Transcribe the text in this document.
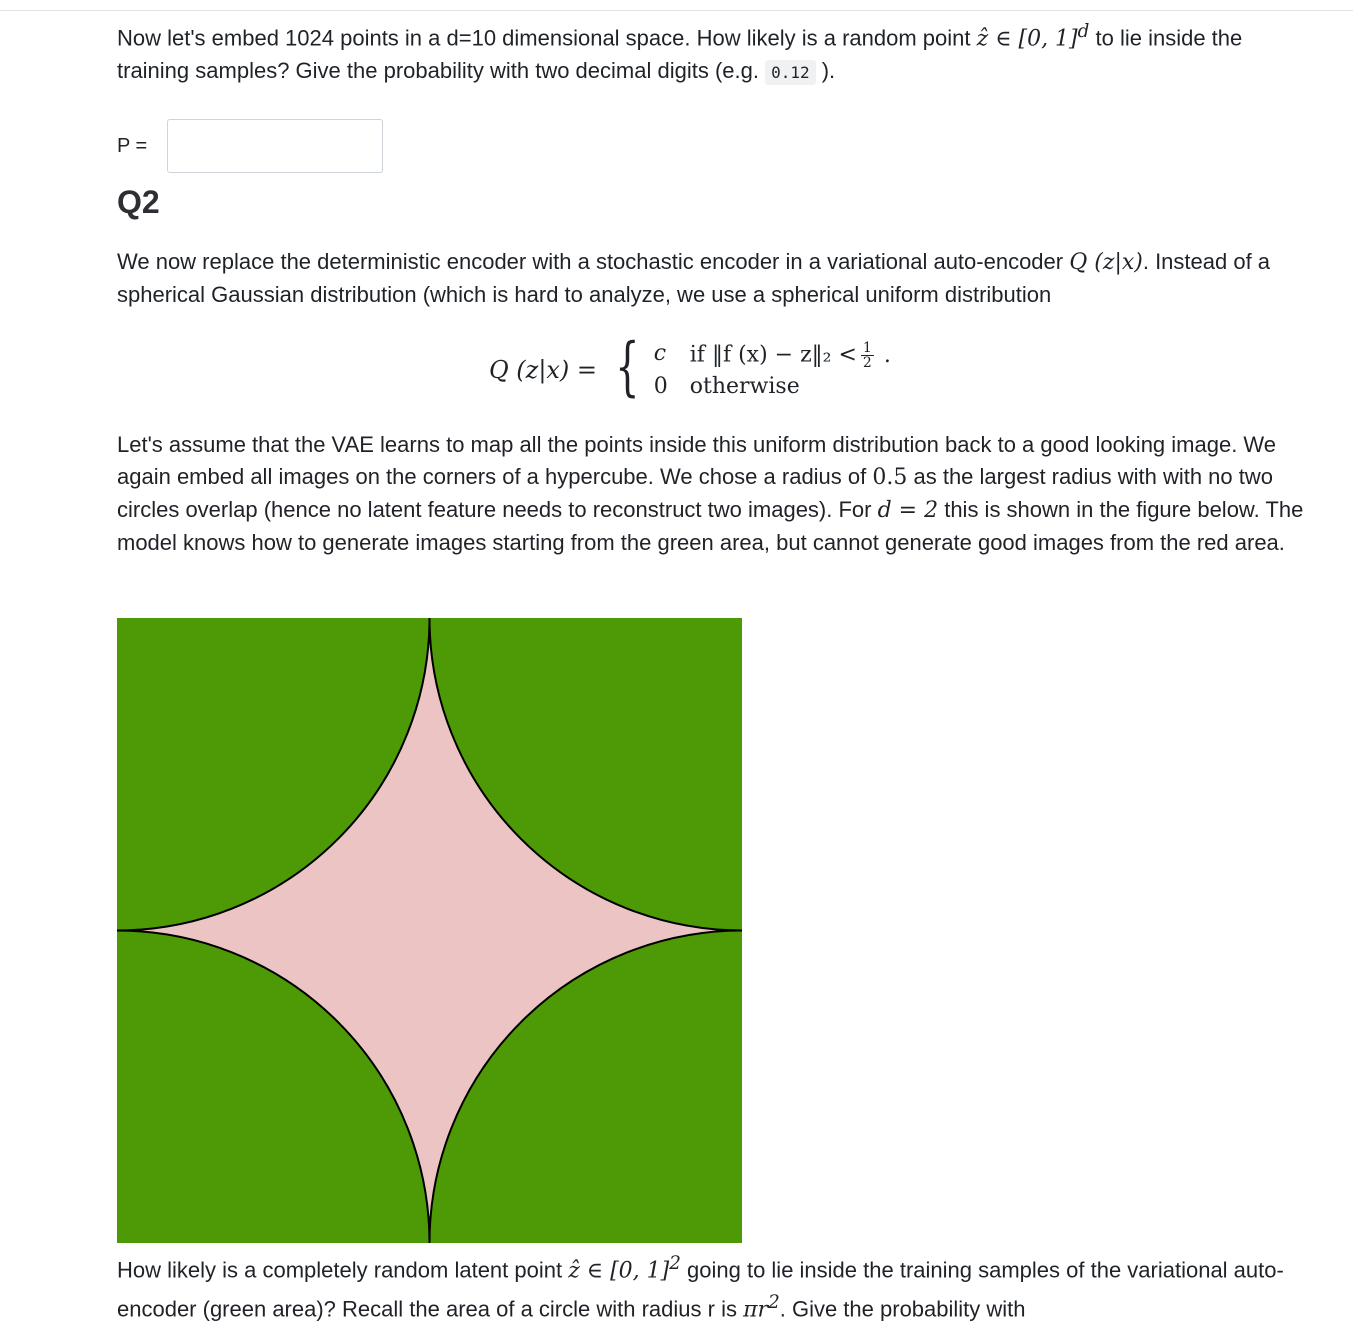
Now let's embed 1024 points in a d=10 dimensional space. How likely is a random point ẑ ∈ [0, 1]$^d$ to lie inside the training samples? Give the probability with two decimal digits (e.g. 0.12 ).

P =
Q2

We now replace the deterministic encoder with a stochastic encoder in a variational auto-encoder Q (z|x). Instead of a spherical Gaussian distribution (which is hard to analyze, we use a spherical uniform distribution

Q (z|x) = { c	if ‖f (x) − z‖₂ < $\frac{1}{2}$ .
0	otherwise

Let's assume that the VAE learns to map all the points inside this uniform distribution back to a good looking image. We again embed all images on the corners of a hypercube. We chose a radius of 0.5 as the largest radius with with no two circles overlap (hence no latent feature needs to reconstruct two images). For d = 2 this is shown in the figure below. The model knows how to generate images starting from the green area, but cannot generate good images from the red area.

How likely is a completely random latent point ẑ ∈ [0, 1]$^2$ going to lie inside the training samples of the variational auto-encoder (green area)? Recall the area of a circle with radius r is $\pi r^2$. Give the probability with
